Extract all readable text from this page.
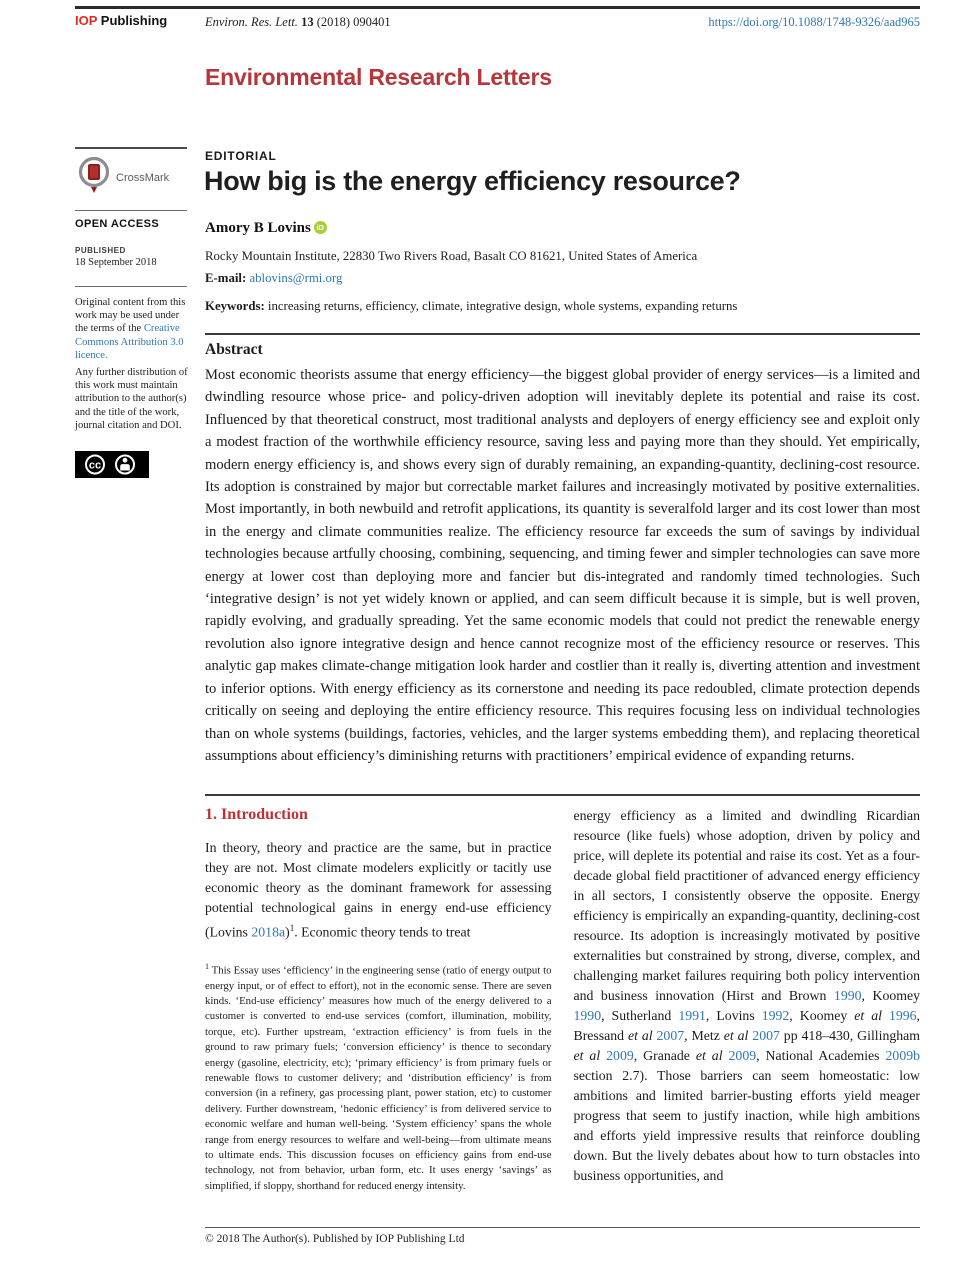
IOP Publishing	Environ. Res. Lett. 13 (2018) 090401	https://doi.org/10.1088/1748-9326/aad965
Environmental Research Letters
CrossMark
OPEN ACCESS
PUBLISHED
18 September 2018
Original content from this work may be used under the terms of the Creative Commons Attribution 3.0 licence.
Any further distribution of this work must maintain attribution to the author(s) and the title of the work, journal citation and DOI.
cc
EDITORIAL
How big is the energy efficiency resource?
Amory B Lovins iD
Rocky Mountain Institute, 22830 Two Rivers Road, Basalt CO 81621, United States of America
E-mail: ablovins@rmi.org
Keywords: increasing returns, efficiency, climate, integrative design, whole systems, expanding returns
Abstract
Most economic theorists assume that energy efficiency—the biggest global provider of energy services—is a limited and dwindling resource whose price- and policy-driven adoption will inevitably deplete its potential and raise its cost. Influenced by that theoretical construct, most traditional analysts and deployers of energy efficiency see and exploit only a modest fraction of the worthwhile efficiency resource, saving less and paying more than they should. Yet empirically, modern energy efficiency is, and shows every sign of durably remaining, an expanding-quantity, declining-cost resource. Its adoption is constrained by major but correctable market failures and increasingly motivated by positive externalities. Most importantly, in both newbuild and retrofit applications, its quantity is severalfold larger and its cost lower than most in the energy and climate communities realize. The efficiency resource far exceeds the sum of savings by individual technologies because artfully choosing, combining, sequencing, and timing fewer and simpler technologies can save more energy at lower cost than deploying more and fancier but dis-integrated and randomly timed technologies. Such ‘integrative design’ is not yet widely known or applied, and can seem difficult because it is simple, but is well proven, rapidly evolving, and gradually spreading. Yet the same economic models that could not predict the renewable energy revolution also ignore integrative design and hence cannot recognize most of the efficiency resource or reserves. This analytic gap makes climate-change mitigation look harder and costlier than it really is, diverting attention and investment to inferior options. With energy efficiency as its cornerstone and needing its pace redoubled, climate protection depends critically on seeing and deploying the entire efficiency resource. This requires focusing less on individual technologies than on whole systems (buildings, factories, vehicles, and the larger systems embedding them), and replacing theoretical assumptions about efficiency’s diminishing returns with practitioners’ empirical evidence of expanding returns.
1. Introduction

In theory, theory and practice are the same, but in practice they are not. Most climate modelers explicitly or tacitly use economic theory as the dominant framework for assessing potential technological gains in energy end-use efficiency (Lovins 2018a)$^1$. Economic theory tends to treat

$^1$ This Essay uses ‘efficiency’ in the engineering sense (ratio of energy output to energy input, or of effect to effort), not in the economic sense. There are seven kinds. ‘End-use efficiency’ measures how much of the energy delivered to a customer is converted to end-use services (comfort, illumination, mobility, torque, etc). Further upstream, ‘extraction efficiency’ is from fuels in the ground to raw primary fuels; ‘conversion efficiency’ is thence to secondary energy (gasoline, electricity, etc); ‘primary efficiency’ is from primary fuels or renewable flows to customer delivery; and ‘distribution efficiency’ is from conversion (in a refinery, gas processing plant, power station, etc) to customer delivery. Further downstream, ‘hedonic efficiency’ is from delivered service to economic welfare and human well-being. ‘System efficiency’ spans the whole range from energy resources to welfare and well-being—from ultimate means to ultimate ends. This discussion focuses on efficiency gains from end-use technology, not from behavior, urban form, etc. It uses energy ‘savings’ as simplified, if sloppy, shorthand for reduced energy intensity.

energy efficiency as a limited and dwindling Ricardian resource (like fuels) whose adoption, driven by policy and price, will deplete its potential and raise its cost. Yet as a four-decade global field practitioner of advanced energy efficiency in all sectors, I consistently observe the opposite. Energy efficiency is empirically an expanding-quantity, declining-cost resource. Its adoption is increasingly motivated by positive externalities but constrained by strong, diverse, complex, and challenging market failures requiring both policy intervention and business innovation (Hirst and Brown 1990, Koomey 1990, Sutherland 1991, Lovins 1992, Koomey et al 1996, Bressand et al 2007, Metz et al 2007 pp 418–430, Gillingham et al 2009, Granade et al 2009, National Academies 2009b section 2.7). Those barriers can seem homeostatic: low ambitions and limited barrier-busting efforts yield meager progress that seem to justify inaction, while high ambitions and efforts yield impressive results that reinforce doubling down. But the lively debates about how to turn obstacles into business opportunities, and

© 2018 The Author(s). Published by IOP Publishing Ltd
